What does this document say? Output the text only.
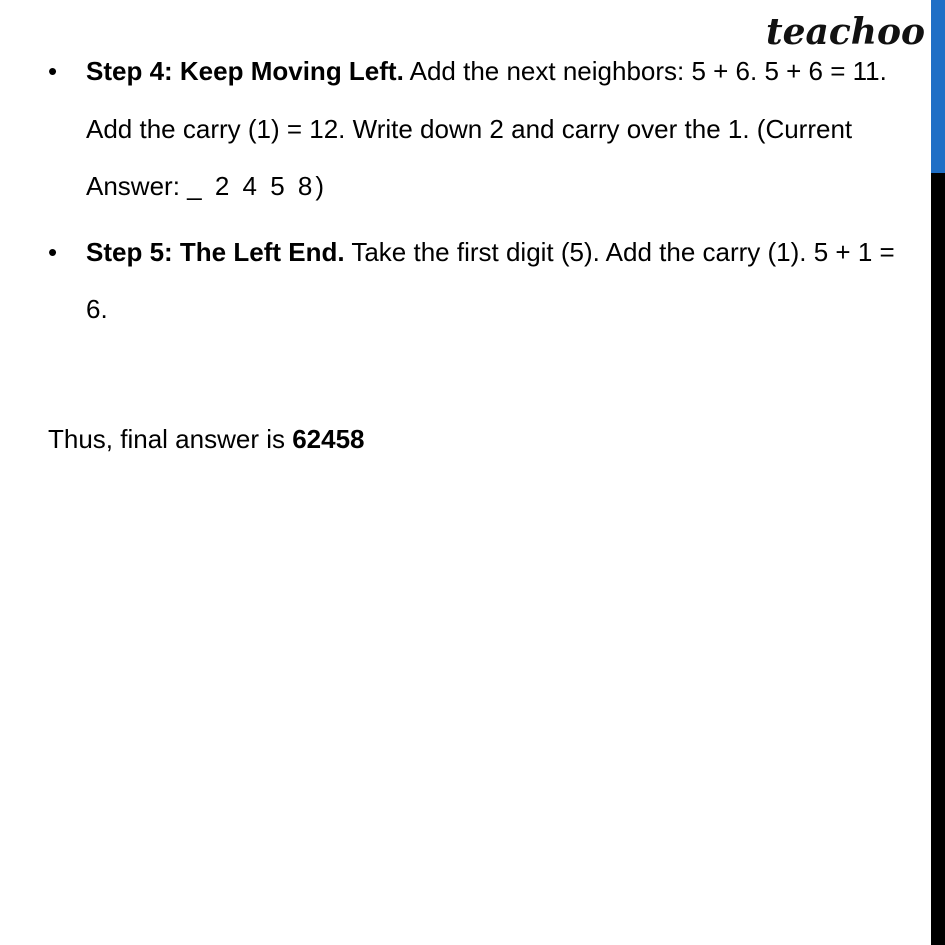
teachoo
• Step 4: Keep Moving Left. Add the next neighbors: 5 + 6. 5 + 6 = 11. Add the carry (1) = 12. Write down 2 and carry over the 1. (Current Answer: _ 2 4 5 8)
• Step 5: The Left End. Take the first digit (5). Add the carry (1). 5 + 1 = 6.
Thus, final answer is 62458
